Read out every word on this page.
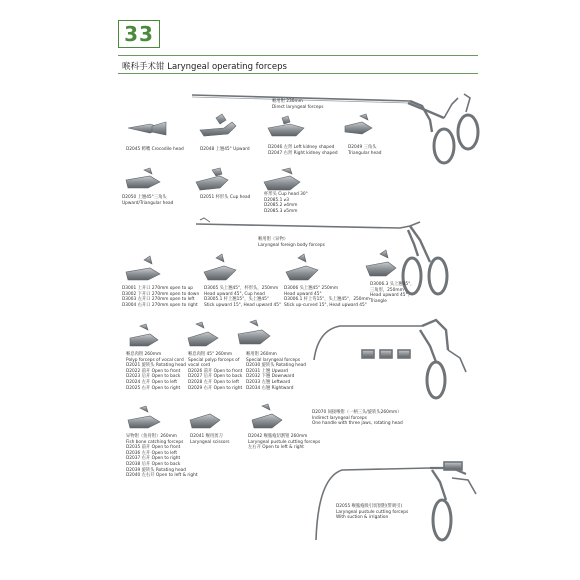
33
喉科手术钳 Laryngeal operating forceps
喉用钳 230mm
Direct laryngeal forceps
D2045 鳄嘴 Crocodile head	D2048 上翘45° Upward	D2046 左肾 Left kidney shaped
D2047 右肾 Right kidney shaped
D2049 三角头
Triangular head
D2050 上翘45°三角头
Upward/Triangular head
D2051 杯形头 Cup head
杯形头 Cup head 30°
D2085.1 ⌀3
D2085.2 ⌀4mm
D2085.3 ⌀5mm
喉用钳（异物）
Laryngeal foreign body forceps
D3001 上开口 270mm open to up
D3002 下开口 270mm open to down
D3003 左开口 270mm open to left
D3004 右开口 270mm open to right
D3005 头上翘45°，杯形头，250mm
Head upward 45°, Cup head
D3005.1 杆上翘15°，头上翘45°
Stick upward 15°, Head upward 45°
D3006 头上翘45° 250mm
Head upward 45°
D3006.1 杆上弯15°，头上翘45°，250mm
Stick up-curved 15°, Head upward 45°
D3006.3 头上翘45°，
三角形，250mm
Head upward 45°,
Triangle
喉息肉钳 260mm
Polyp forceps of vocal cord
D2021 旋转头 Rotating head
D2022 前开 Open to front
D2023 后开 Open to back
D2024 左开 Open to left
D2025 右开 Open to right
喉息肉钳 45° 260mm
Special polyp forceps of
vocal cord
D2026 前开 Open to front
D2027 后开 Open to back
D2028 左开 Open to left
D2029 右开 Open to right
喉用钳 260mm
Special laryngeal forceps
D2030 旋转头 Rotating head
D2031 上翘 Upward
D2032 下翘 Downward
D2033 左翘 Leftward
D2034 右翘 Rightward
异物钳（鱼骨钳）260mm
Fish bone catching forceps
D2035 前开 Open to front
D2036 左开 Open to left
D2037 右开 Open to right
D2038 后开 Open to back
D2039 旋转头 Rotating head
D2040 左右开 Open to left & right
D2041 喉用剪刀
Laryngeal scissors
D2042 喉脓疱切割钳 260mm
Laryngeal pustule cutting forceps
左右开 Open to left & right
D2070 间接喉钳（一柄三头/旋转头260mm）
Indirect laryngeal forceps
One handle with three jaws, rotating head
D2055 喉脓疱吸引切割钳(带吸引)
Laryngeal pustule cutting forceps
With suction & irrigation
